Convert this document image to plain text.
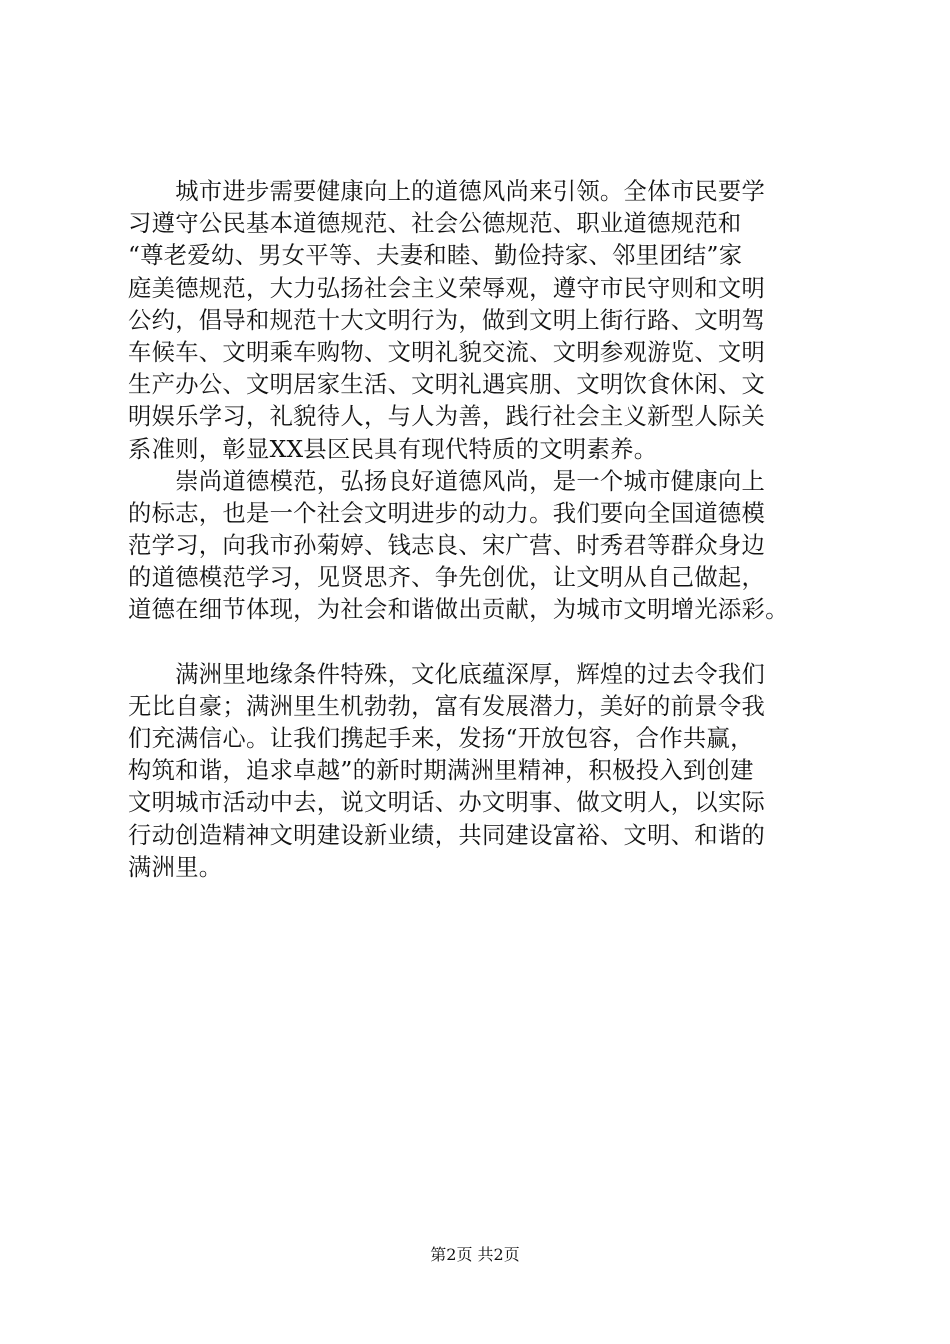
　　城市进步需要健康向上的道德风尚来引领。全体市民要学
习遵守公民基本道德规范、社会公德规范、职业道德规范和
“尊老爱幼、男女平等、夫妻和睦、勤俭持家、邻里团结”家
庭美德规范，大力弘扬社会主义荣辱观，遵守市民守则和文明
公约，倡导和规范十大文明行为，做到文明上街行路、文明驾
车候车、文明乘车购物、文明礼貌交流、文明参观游览、文明
生产办公、文明居家生活、文明礼遇宾朋、文明饮食休闲、文
明娱乐学习，礼貌待人，与人为善，践行社会主义新型人际关
系准则，彰显XX县区民具有现代特质的文明素养。

　　崇尚道德模范，弘扬良好道德风尚，是一个城市健康向上
的标志，也是一个社会文明进步的动力。我们要向全国道德模
范学习，向我市孙菊婷、钱志良、宋广营、时秀君等群众身边
的道德模范学习，见贤思齐、争先创优，让文明从自己做起，
道德在细节体现，为社会和谐做出贡献，为城市文明增光添彩。

　　满洲里地缘条件特殊，文化底蕴深厚，辉煌的过去令我们
无比自豪；满洲里生机勃勃，富有发展潜力，美好的前景令我
们充满信心。让我们携起手来，发扬“开放包容，合作共赢，
构筑和谐，追求卓越”的新时期满洲里精神，积极投入到创建
文明城市活动中去，说文明话、办文明事、做文明人，以实际
行动创造精神文明建设新业绩，共同建设富裕、文明、和谐的
满洲里。

第2页 共2页
